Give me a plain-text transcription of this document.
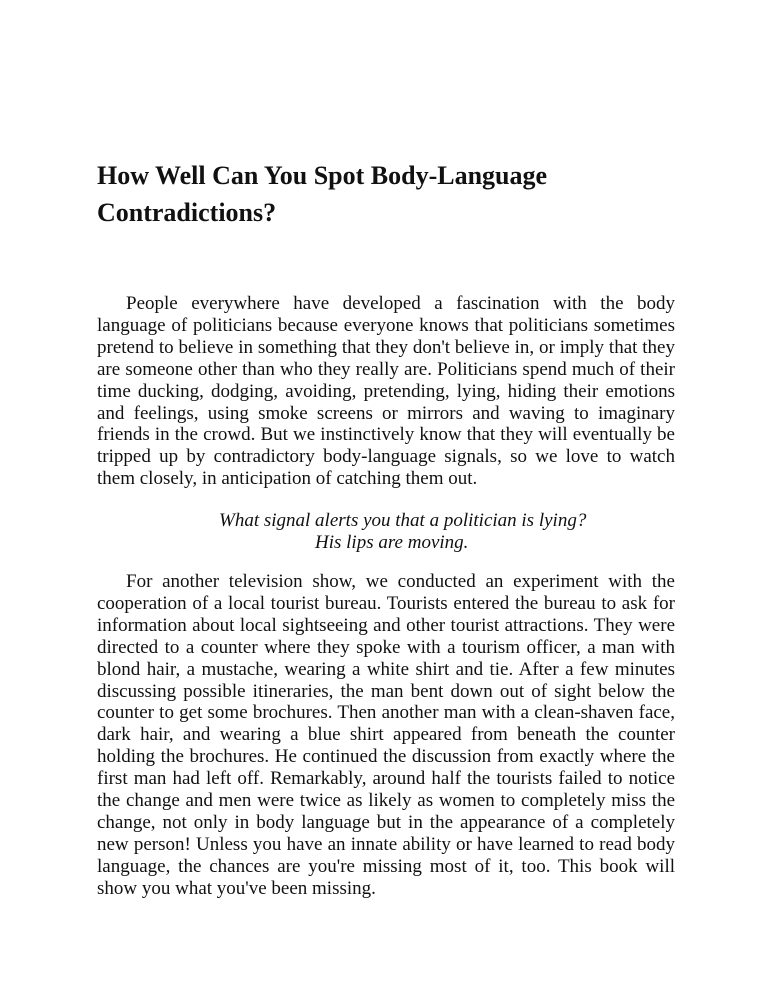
How Well Can You Spot Body-Language
Contradictions?

People everywhere have developed a fascination with the body language of politicians because everyone knows that politicians sometimes pretend to believe in something that they don't believe in, or imply that they are someone other than who they really are. Politicians spend much of their time ducking, dodging, avoiding, pretending, lying, hiding their emotions and feelings, using smoke screens or mirrors and waving to imaginary friends in the crowd. But we instinctively know that they will eventually be tripped up by contradictory body-language signals, so we love to watch them closely, in anticipation of catching them out.

What signal alerts you that a politician is lying?
His lips are moving.

For another television show, we conducted an experiment with the cooperation of a local tourist bureau. Tourists entered the bureau to ask for information about local sightseeing and other tourist attractions. They were directed to a counter where they spoke with a tourism officer, a man with blond hair, a mustache, wearing a white shirt and tie. After a few minutes discussing possible itineraries, the man bent down out of sight below the counter to get some brochures. Then another man with a clean-shaven face, dark hair, and wearing a blue shirt appeared from beneath the counter holding the brochures. He continued the discussion from exactly where the first man had left off. Remarkably, around half the tourists failed to notice the change and men were twice as likely as women to completely miss the change, not only in body language but in the appearance of a completely new person! Unless you have an innate ability or have learned to read body language, the chances are you're missing most of it, too. This book will show you what you've been missing.
